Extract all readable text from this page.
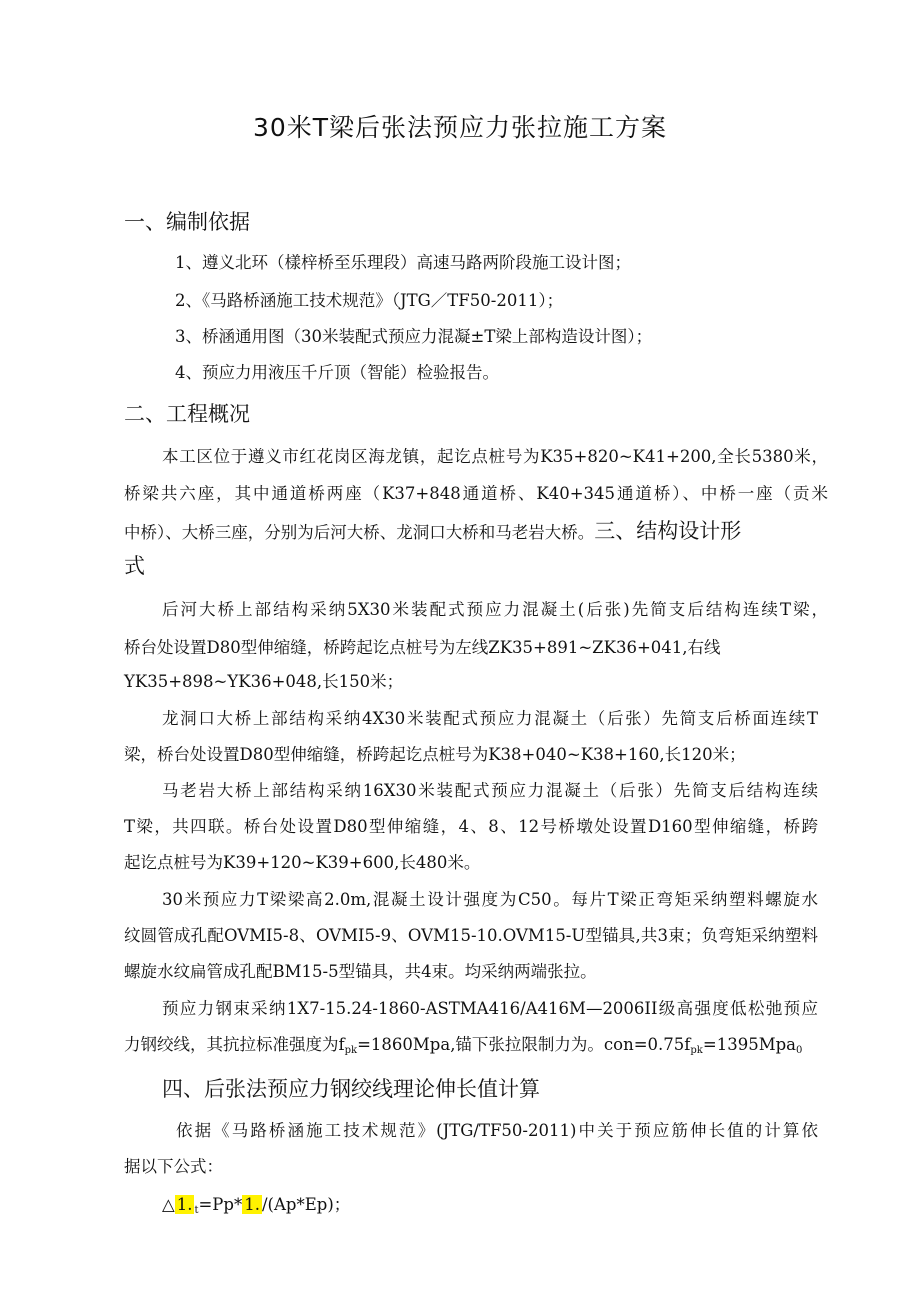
30米T梁后张法预应力张拉施工方案
一、编制依据
1、遵义北环（樣梓桥至乐理段）高速马路两阶段施工设计图；
2、《马路桥涵施工技术规范》（JTG／TF50-2011）；
3、桥涵通用图（30米装配式预应力混凝±T梁上部构造设计图）；
4、预应力用液压千斤顶（智能）检验报告。
二、工程概况
本工区位于遵义市红花岗区海龙镇，起讫点桩号为K35+820~K41+200,全长5380米，
桥梁共六座，其中通道桥两座（K37+848通道桥、K40+345通道桥）、中桥一座（贡米
中桥）、大桥三座，分别为后河大桥、龙洞口大桥和马老岩大桥。三、结构设计形
式
后河大桥上部结构采纳5X30米装配式预应力混凝土(后张)先简支后结构连续T梁，
桥台处设置D80型伸缩缝，桥跨起讫点桩号为左线ZK35+891~ZK36+041,右线
YK35+898~YK36+048,长150米；
龙洞口大桥上部结构采纳4X30米装配式预应力混凝土（后张）先简支后桥面连续T
梁，桥台处设置D80型伸缩缝，桥跨起讫点桩号为K38+040~K38+160,长120米；
马老岩大桥上部结构采纳16X30米装配式预应力混凝土（后张）先简支后结构连续
T梁，共四联。桥台处设置D80型伸缩缝，4、8、12号桥墩处设置D160型伸缩缝，桥跨
起讫点桩号为K39+120~K39+600,长480米。
30米预应力T梁梁高2.0m,混凝土设计强度为C50。每片T梁正弯矩采纳塑料螺旋水
纹圆管成孔配OVMI5-8、OVMI5-9、OVM15-10.OVM15-U型锚具,共3束；负弯矩采纳塑料
螺旋水纹扁管成孔配BM15-5型锚具，共4束。均采纳两端张拉。
预应力钢束采纳1X7-15.24-1860-ASTMA416/A416M—2006II级高强度低松弛预应
力钢绞线，其抗拉标准强度为$f_{pk}=1860Mpa$,锚下张拉限制力为。$con=0.75f_{pk}=1395Mpa_0$
四、后张法预应力钢绞线理论伸长值计算
依据《马路桥涵施工技术规范》(JTG/TF50-2011)中关于预应筋伸长值的计算依
据以下公式：
△ 1. $_t$=Pp* 1. /(Ap*Ep)；
